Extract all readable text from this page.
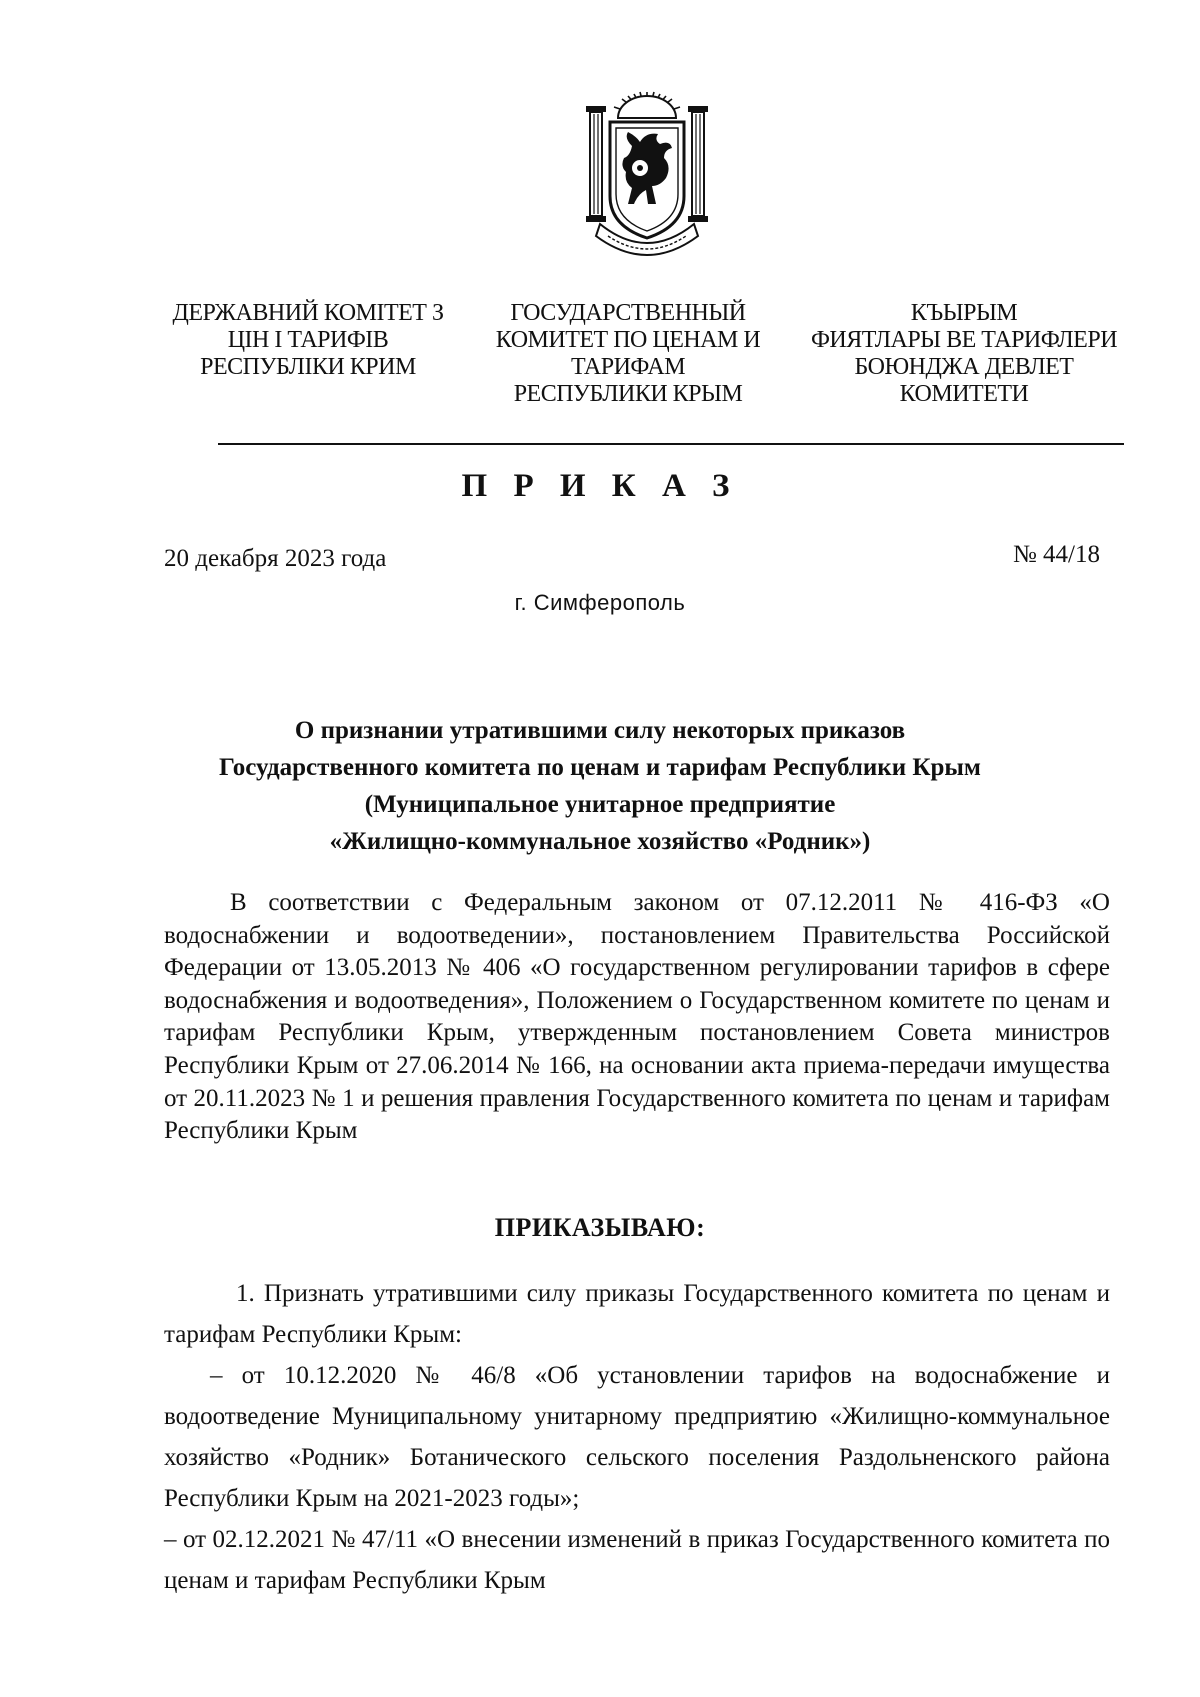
ДЕРЖАВНИЙ КОМІТЕТ З
ЦІН І ТАРИФІВ
РЕСПУБЛІКИ КРИМ
ГОСУДАРСТВЕННЫЙ
КОМИТЕТ ПО ЦЕНАМ И
ТАРИФАМ
РЕСПУБЛИКИ КРЫМ
КЪЫРЫМ
ФИЯТЛАРЫ ВЕ ТАРИФЛЕРИ
БОЮНДЖА ДЕВЛЕТ
КОМИТЕТИ
П Р И К А З
20 декабря 2023 года	№ 44/18
г. Симферополь
О признании утратившими силу некоторых приказов
Государственного комитета по ценам и тарифам Республики Крым
(Муниципальное унитарное предприятие
«Жилищно-коммунальное хозяйство «Родник»)

В соответствии с Федеральным законом от 07.12.2011 № 416-ФЗ «О водоснабжении и водоотведении», постановлением Правительства Российской Федерации от 13.05.2013 № 406 «О государственном регулировании тарифов в сфере водоснабжения и водоотведения», Положением о Государственном комитете по ценам и тарифам Республики Крым, утвержденным постановлением Совета министров Республики Крым от 27.06.2014 № 166, на основании акта приема-передачи имущества от 20.11.2023 № 1 и решения правления Государственного комитета по ценам и тарифам Республики Крым

ПРИКАЗЫВАЮ:

1. Признать утратившими силу приказы Государственного комитета по ценам и тарифам Республики Крым:

– от 10.12.2020 № 46/8 «Об установлении тарифов на водоснабжение и водоотведение Муниципальному унитарному предприятию «Жилищно-коммунальное хозяйство «Родник» Ботанического сельского поселения Раздольненского района Республики Крым на 2021-2023 годы»;

– от 02.12.2021 № 47/11 «О внесении изменений в приказ Государственного комитета по ценам и тарифам Республики Крым
